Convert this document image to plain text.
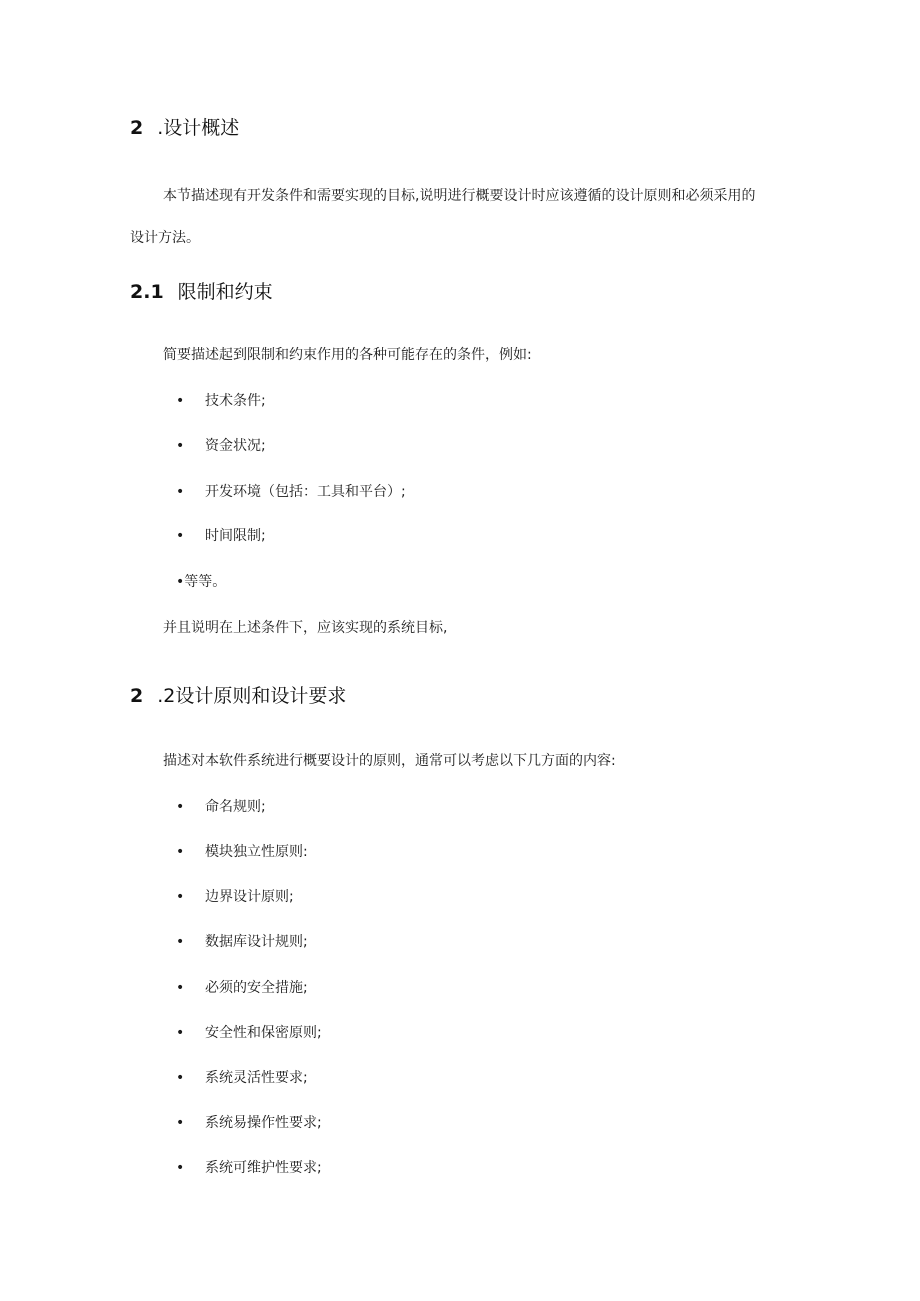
2 .设计概述
本节描述现有开发条件和需要实现的目标,说明进行概要设计时应该遵循的设计原则和必须采用的
设计方法。
2.1 限制和约束
简要描述起到限制和约束作用的各种可能存在的条件，例如:
• 技术条件;
• 资金状况;
• 开发环境（包括：工具和平台）;
• 时间限制;
•等等。
并且说明在上述条件下，应该实现的系统目标,
2 .2设计原则和设计要求
描述对本软件系统进行概要设计的原则，通常可以考虑以下几方面的内容:
• 命名规则;
• 模块独立性原则:
• 边界设计原则;
• 数据库设计规则;
• 必须的安全措施;
• 安全性和保密原则;
• 系统灵活性要求;
• 系统易操作性要求;
• 系统可维护性要求;
